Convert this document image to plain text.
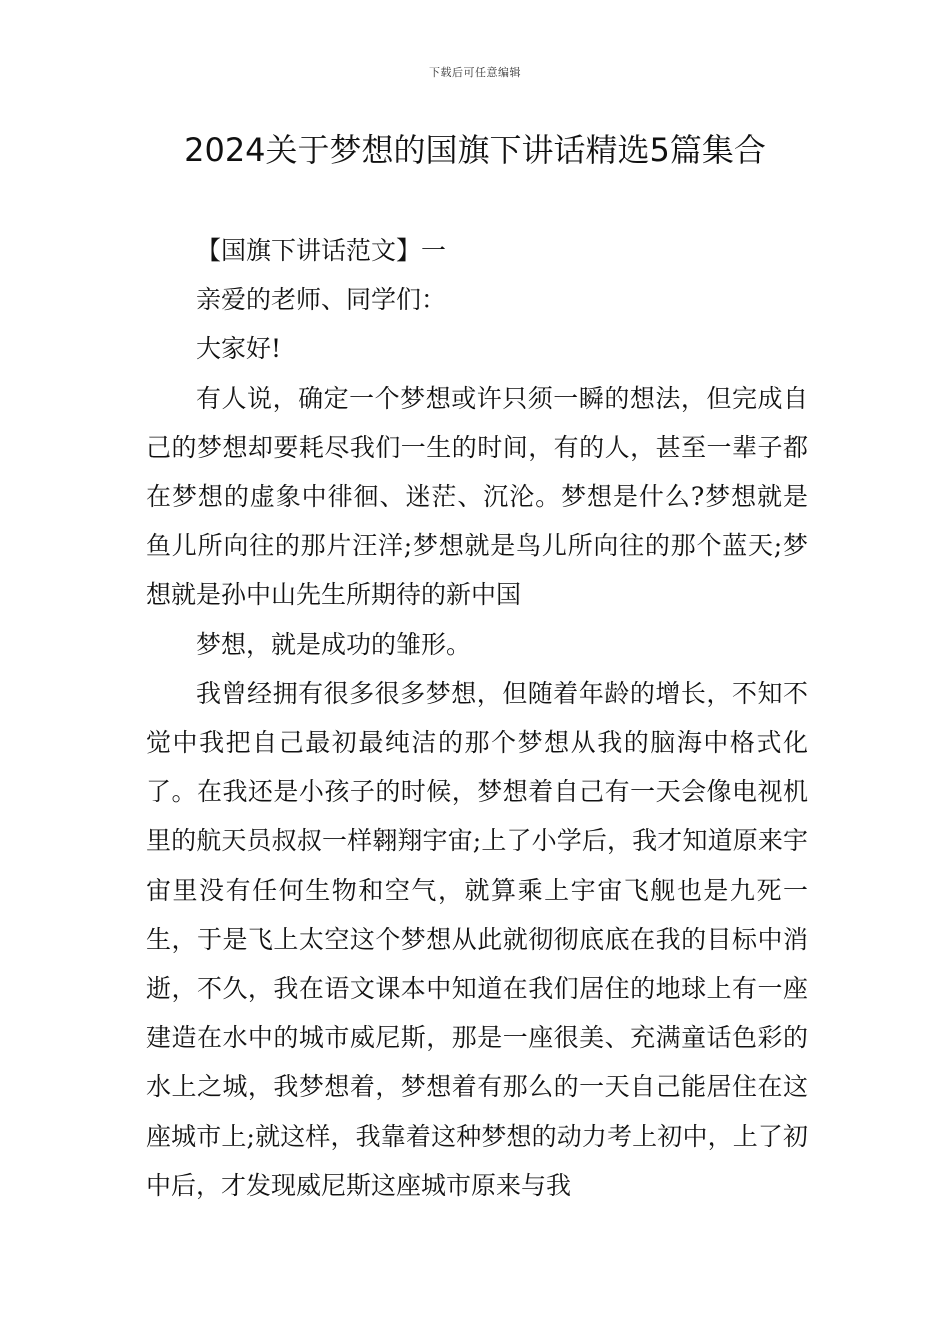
下载后可任意编辑
2024关于梦想的国旗下讲话精选5篇集合

【国旗下讲话范文】一

亲爱的老师、同学们：

大家好!

有人说，确定一个梦想或许只须一瞬的想法，但完成自己的梦想却要耗尽我们一生的时间，有的人，甚至一辈子都在梦想的虚象中徘徊、迷茫、沉沦。梦想是什么?梦想就是鱼儿所向往的那片汪洋;梦想就是鸟儿所向往的那个蓝天;梦想就是孙中山先生所期待的新中国

梦想，就是成功的雏形。

我曾经拥有很多很多梦想，但随着年龄的增长，不知不觉中我把自己最初最纯洁的那个梦想从我的脑海中格式化了。在我还是小孩子的时候，梦想着自己有一天会像电视机里的航天员叔叔一样翱翔宇宙;上了小学后，我才知道原来宇宙里没有任何生物和空气，就算乘上宇宙飞舰也是九死一生，于是飞上太空这个梦想从此就彻彻底底在我的目标中消逝，不久，我在语文课本中知道在我们居住的地球上有一座建造在水中的城市威尼斯，那是一座很美、充满童话色彩的水上之城，我梦想着，梦想着有那么的一天自己能居住在这座城市上;就这样，我靠着这种梦想的动力考上初中，上了初中后，才发现威尼斯这座城市原来与我
